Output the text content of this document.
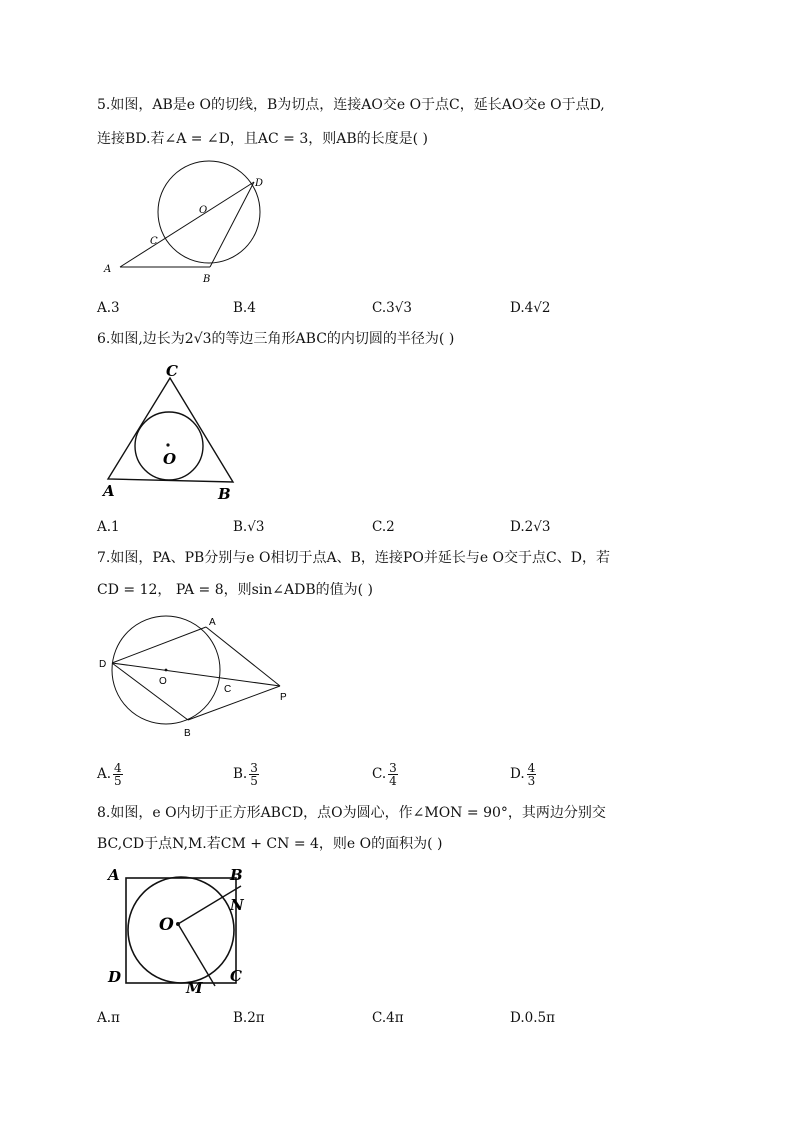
5.如图，AB是e O的切线，B为切点，连接AO交e O于点C，延长AO交e O于点D,
连接BD.若∠A = ∠D，且AC = 3，则AB的长度是( )
A
B
C
D
O
A.3	B.4	C.3√3	D.4√2
6.如图,边长为2√3的等边三角形ABC的内切圆的半径为( )
O
C
A	B
A.1	B.√3	C.2	D.2√3
7.如图，PA、PB分别与e O相切于点A、B，连接PO并延长与e O交于点C、D，若
CD = 12， PA = 8，则sin∠ADB的值为( )
D
A
B
C
O
P
A. $\frac{4}{5}$	B. $\frac{3}{5}$	C. $\frac{3}{4}$	D. $\frac{4}{3}$
8.如图，e O内切于正方形ABCD，点O为圆心，作∠MON = 90°，其两边分别交
BC,CD于点N,M.若CM + CN = 4，则e O的面积为( )
A	B
N
D	C
O
M
A.π	B.2π	C.4π	D.0.5π
